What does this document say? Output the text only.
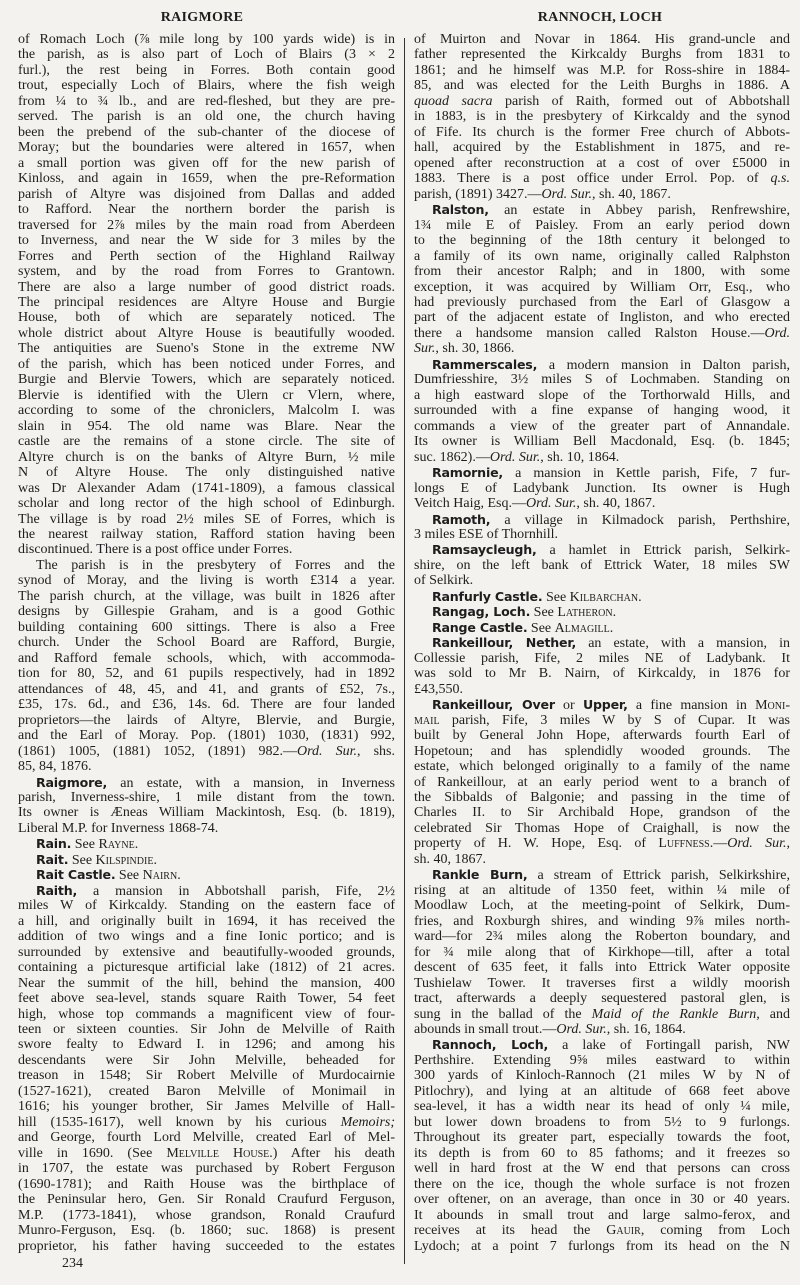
RAIGMORE	RANNOCH, LOCH
of Romach Loch (⅞ mile long by 100 yards wide) is in
the parish, as is also part of Loch of Blairs (3 × 2
furl.), the rest being in Forres. Both contain good
trout, especially Loch of Blairs, where the fish weigh
from ¼ to ¾ lb., and are red-fleshed, but they are pre-
served. The parish is an old one, the church having
been the prebend of the sub-chanter of the diocese of
Moray; but the boundaries were altered in 1657, when
a small portion was given off for the new parish of
Kinloss, and again in 1659, when the pre-Reformation
parish of Altyre was disjoined from Dallas and added
to Rafford. Near the northern border the parish is
traversed for 2⅞ miles by the main road from Aberdeen
to Inverness, and near the W side for 3 miles by the
Forres and Perth section of the Highland Railway
system, and by the road from Forres to Grantown.
There are also a large number of good district roads.
The principal residences are Altyre House and Burgie
House, both of which are separately noticed. The
whole district about Altyre House is beautifully wooded.
The antiquities are Sueno's Stone in the extreme NW
of the parish, which has been noticed under Forres, and
Burgie and Blervie Towers, which are separately noticed.
Blervie is identified with the Ulern cr Vlern, where,
according to some of the chroniclers, Malcolm I. was
slain in 954. The old name was Blare. Near the
castle are the remains of a stone circle. The site of
Altyre church is on the banks of Altyre Burn, ½ mile
N of Altyre House. The only distinguished native
was Dr Alexander Adam (1741-1809), a famous classical
scholar and long rector of the high school of Edinburgh.
The village is by road 2½ miles SE of Forres, which is
the nearest railway station, Rafford station having been
discontinued. There is a post office under Forres.
The parish is in the presbytery of Forres and the
synod of Moray, and the living is worth £314 a year.
The parish church, at the village, was built in 1826 after
designs by Gillespie Graham, and is a good Gothic
building containing 600 sittings. There is also a Free
church. Under the School Board are Rafford, Burgie,
and Rafford female schools, which, with accommoda-
tion for 80, 52, and 61 pupils respectively, had in 1892
attendances of 48, 45, and 41, and grants of £52, 7s.,
£35, 17s. 6d., and £36, 14s. 6d. There are four landed
proprietors—the lairds of Altyre, Blervie, and Burgie,
and the Earl of Moray. Pop. (1801) 1030, (1831) 992,
(1861) 1005, (1881) 1052, (1891) 982.—Ord. Sur., shs.
85, 84, 1876.
Raigmore, an estate, with a mansion, in Inverness
parish, Inverness-shire, 1 mile distant from the town.
Its owner is Æneas William Mackintosh, Esq. (b. 1819),
Liberal M.P. for Inverness 1868-74.
Rain. See Rayne.
Rait. See Kilspindie.
Rait Castle. See Nairn.
Raith, a mansion in Abbotshall parish, Fife, 2½
miles W of Kirkcaldy. Standing on the eastern face of
a hill, and originally built in 1694, it has received the
addition of two wings and a fine Ionic portico; and is
surrounded by extensive and beautifully-wooded grounds,
containing a picturesque artificial lake (1812) of 21 acres.
Near the summit of the hill, behind the mansion, 400
feet above sea-level, stands square Raith Tower, 54 feet
high, whose top commands a magnificent view of four-
teen or sixteen counties. Sir John de Melville of Raith
swore fealty to Edward I. in 1296; and among his
descendants were Sir John Melville, beheaded for
treason in 1548; Sir Robert Melville of Murdocairnie
(1527-1621), created Baron Melville of Monimail in
1616; his younger brother, Sir James Melville of Hall-
hill (1535-1617), well known by his curious Memoirs;
and George, fourth Lord Melville, created Earl of Mel-
ville in 1690. (See Melville House.) After his death
in 1707, the estate was purchased by Robert Ferguson
(1690-1781); and Raith House was the birthplace of
the Peninsular hero, Gen. Sir Ronald Craufurd Ferguson,
M.P. (1773-1841), whose grandson, Ronald Craufurd
Munro-Ferguson, Esq. (b. 1860; suc. 1868) is present
proprietor, his father having succeeded to the estates
of Muirton and Novar in 1864. His grand-uncle and
father represented the Kirkcaldy Burghs from 1831 to
1861; and he himself was M.P. for Ross-shire in 1884-
85, and was elected for the Leith Burghs in 1886. A
quoad sacra parish of Raith, formed out of Abbotshall
in 1883, is in the presbytery of Kirkcaldy and the synod
of Fife. Its church is the former Free church of Abbots-
hall, acquired by the Establishment in 1875, and re-
opened after reconstruction at a cost of over £5000 in
1883. There is a post office under Errol. Pop. of q.s.
parish, (1891) 3427.—Ord. Sur., sh. 40, 1867.
Ralston, an estate in Abbey parish, Renfrewshire,
1¾ mile E of Paisley. From an early period down
to the beginning of the 18th century it belonged to
a family of its own name, originally called Ralphston
from their ancestor Ralph; and in 1800, with some
exception, it was acquired by William Orr, Esq., who
had previously purchased from the Earl of Glasgow a
part of the adjacent estate of Ingliston, and who erected
there a handsome mansion called Ralston House.—Ord.
Sur., sh. 30, 1866.
Rammerscales, a modern mansion in Dalton parish,
Dumfriesshire, 3½ miles S of Lochmaben. Standing on
a high eastward slope of the Torthorwald Hills, and
surrounded with a fine expanse of hanging wood, it
commands a view of the greater part of Annandale.
Its owner is William Bell Macdonald, Esq. (b. 1845;
suc. 1862).—Ord. Sur., sh. 10, 1864.
Ramornie, a mansion in Kettle parish, Fife, 7 fur-
longs E of Ladybank Junction. Its owner is Hugh
Veitch Haig, Esq.—Ord. Sur., sh. 40, 1867.
Ramoth, a village in Kilmadock parish, Perthshire,
3 miles ESE of Thornhill.
Ramsaycleugh, a hamlet in Ettrick parish, Selkirk-
shire, on the left bank of Ettrick Water, 18 miles SW
of Selkirk.
Ranfurly Castle. See Kilbarchan.
Rangag, Loch. See Latheron.
Range Castle. See Almagill.
Rankeillour, Nether, an estate, with a mansion, in
Collessie parish, Fife, 2 miles NE of Ladybank. It
was sold to Mr B. Nairn, of Kirkcaldy, in 1876 for
£43,550.
Rankeillour, Over or Upper, a fine mansion in Moni-
mail parish, Fife, 3 miles W by S of Cupar. It was
built by General John Hope, afterwards fourth Earl of
Hopetoun; and has splendidly wooded grounds. The
estate, which belonged originally to a family of the name
of Rankeillour, at an early period went to a branch of
the Sibbalds of Balgonie; and passing in the time of
Charles II. to Sir Archibald Hope, grandson of the
celebrated Sir Thomas Hope of Craighall, is now the
property of H. W. Hope, Esq. of Luffness.—Ord. Sur.,
sh. 40, 1867.
Rankle Burn, a stream of Ettrick parish, Selkirkshire,
rising at an altitude of 1350 feet, within ¼ mile of
Moodlaw Loch, at the meeting-point of Selkirk, Dum-
fries, and Roxburgh shires, and winding 9⅞ miles north-
ward—for 2¾ miles along the Roberton boundary, and
for ¾ mile along that of Kirkhope—till, after a total
descent of 635 feet, it falls into Ettrick Water opposite
Tushielaw Tower. It traverses first a wildly moorish
tract, afterwards a deeply sequestered pastoral glen, is
sung in the ballad of the Maid of the Rankle Burn, and
abounds in small trout.—Ord. Sur., sh. 16, 1864.
Rannoch, Loch, a lake of Fortingall parish, NW
Perthshire. Extending 9⅝ miles eastward to within
300 yards of Kinloch-Rannoch (21 miles W by N of
Pitlochry), and lying at an altitude of 668 feet above
sea-level, it has a width near its head of only ¼ mile,
but lower down broadens to from 5½ to 9 furlongs.
Throughout its greater part, especially towards the foot,
its depth is from 60 to 85 fathoms; and it freezes so
well in hard frost at the W end that persons can cross
there on the ice, though the whole surface is not frozen
over oftener, on an average, than once in 30 or 40 years.
It abounds in small trout and large salmo-ferox, and
receives at its head the Gauir, coming from Loch
Lydoch; at a point 7 furlongs from its head on the N
234
